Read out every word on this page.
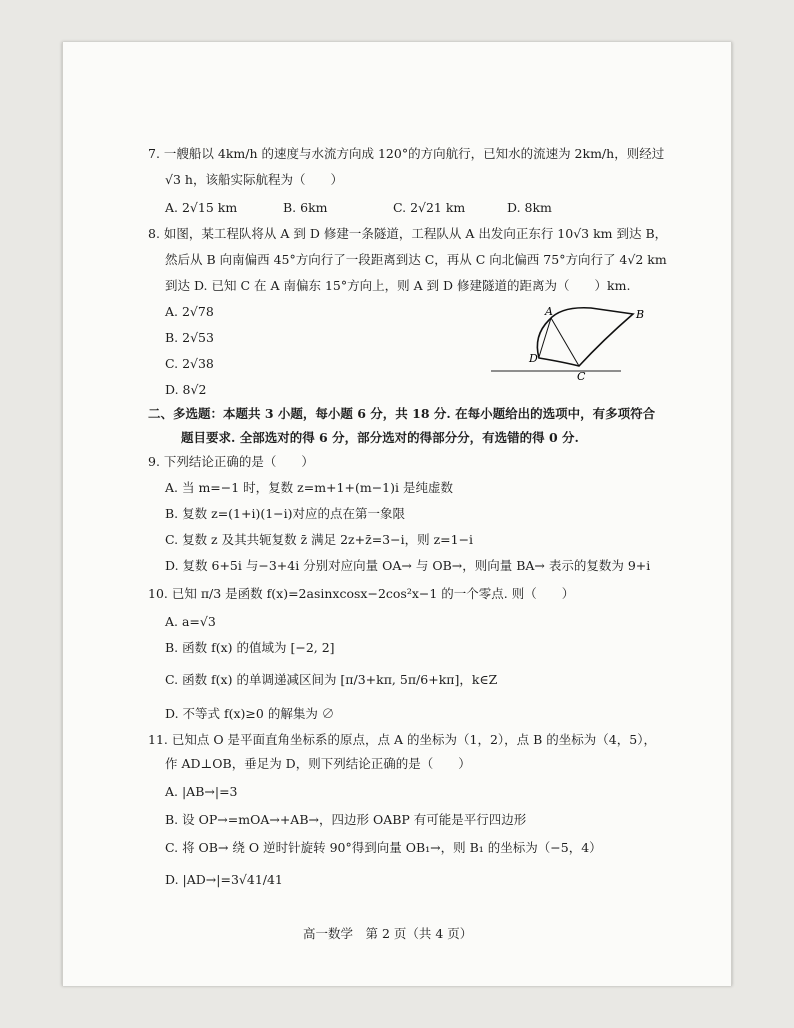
7. 一艘船以 4km/h 的速度与水流方向成 120°的方向航行，已知水的流速为 2km/h，则经过
√3 h，该船实际航程为（　　）
A. 2√15 km	B. 6km	C. 2√21 km	D. 8km
8. 如图，某工程队将从 A 到 D 修建一条隧道，工程队从 A 出发向正东行 10√3 km 到达 B，
然后从 B 向南偏西 45°方向行了一段距离到达 C，再从 C 向北偏西 75°方向行了 4√2 km
到达 D. 已知 C 在 A 南偏东 15°方向上，则 A 到 D 修建隧道的距离为（　　）km.
A. 2√78
B. 2√53
C. 2√38
D. 8√2
A	B
C
D
二、多选题：本题共 3 小题，每小题 6 分，共 18 分. 在每小题给出的选项中，有多项符合
题目要求. 全部选对的得 6 分，部分选对的得部分分，有选错的得 0 分.
9. 下列结论正确的是（　　）
A. 当 m=−1 时，复数 z=m+1+(m−1)i 是纯虚数
B. 复数 z=(1+i)(1−i)对应的点在第一象限
C. 复数 z 及其共轭复数 z̄ 满足 2z+z̄=3−i，则 z=1−i
D. 复数 6+5i 与−3+4i 分别对应向量 OA→ 与 OB→，则向量 BA→ 表示的复数为 9+i
10. 已知 π/3 是函数 f(x)=2asinxcosx−2cos²x−1 的一个零点. 则（　　）
A. a=√3
B. 函数 f(x) 的值域为 [−2, 2]
C. 函数 f(x) 的单调递减区间为 [π/3+kπ, 5π/6+kπ]，k∈Z
D. 不等式 f(x)≥0 的解集为 ∅
11. 已知点 O 是平面直角坐标系的原点，点 A 的坐标为（1，2），点 B 的坐标为（4，5），
作 AD⊥OB，垂足为 D，则下列结论正确的是（　　）
A. |AB→|=3
B. 设 OP→=mOA→+AB→，四边形 OABP 有可能是平行四边形
C. 将 OB→ 绕 O 逆时针旋转 90°得到向量 OB₁→，则 B₁ 的坐标为（−5，4）
D. |AD→|=3√41/41
高一数学　第 2 页（共 4 页）
